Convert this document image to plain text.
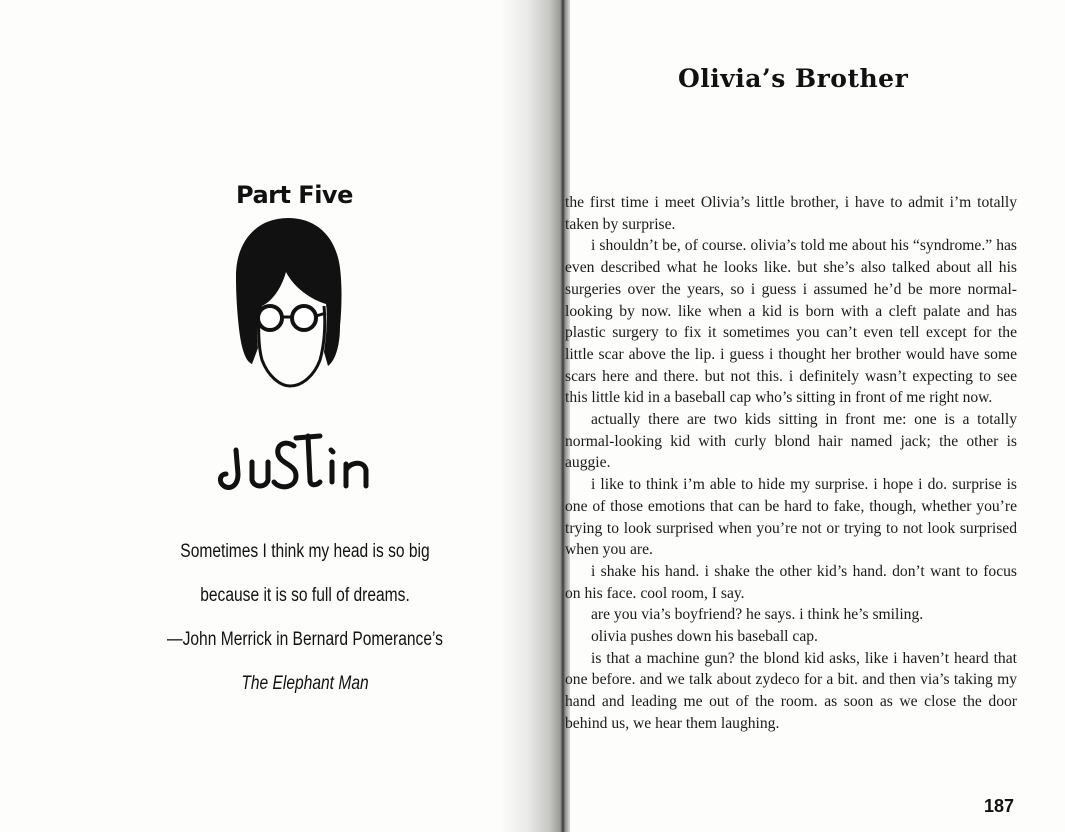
Part Five

Sometimes I think my head is so big

because it is so full of dreams.

—John Merrick in Bernard Pomerance’s

The Elephant Man

Olivia’s Brother

the first time i meet Olivia’s little brother, i have to admit i’m totally taken by surprise.

i shouldn’t be, of course. olivia’s told me about his “syndrome.” has even described what he looks like. but she’s also talked about all his surgeries over the years, so i guess i assumed he’d be more normal-looking by now. like when a kid is born with a cleft palate and has plastic surgery to fix it sometimes you can’t even tell except for the little scar above the lip. i guess i thought her brother would have some scars here and there. but not this. i definitely wasn’t expecting to see this little kid in a baseball cap who’s sitting in front of me right now.

actually there are two kids sitting in front me: one is a totally normal-looking kid with curly blond hair named jack; the other is auggie.

i like to think i’m able to hide my surprise. i hope i do. surprise is one of those emotions that can be hard to fake, though, whether you’re trying to look surprised when you’re not or trying to not look surprised when you are.

i shake his hand. i shake the other kid’s hand. don’t want to focus on his face. cool room, I say.

are you via’s boyfriend? he says. i think he’s smiling.

olivia pushes down his baseball cap.

is that a machine gun? the blond kid asks, like i haven’t heard that one before. and we talk about zydeco for a bit. and then via’s taking my hand and leading me out of the room. as soon as we close the door behind us, we hear them laughing.

187
